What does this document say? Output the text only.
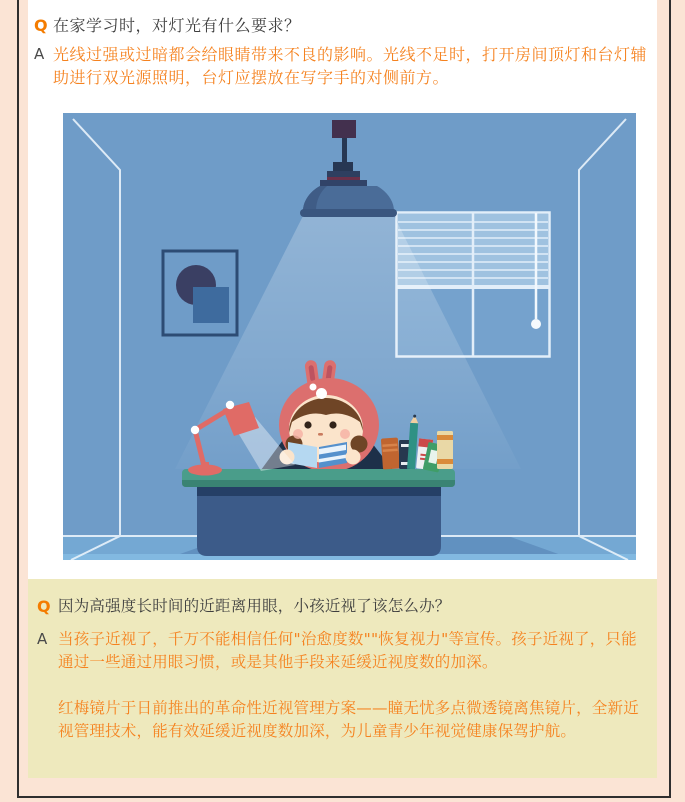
Q 在家学习时，对灯光有什么要求？

A 光线过强或过暗都会给眼睛带来不良的影响。光线不足时，打开房间顶灯和台灯辅助进行双光源照明，台灯应摆放在写字手的对侧前方。

Q 因为高强度长时间的近距离用眼，小孩近视了该怎么办？

A 当孩子近视了，千万不能相信任何"治愈度数""恢复视力"等宣传。孩子近视了，只能通过一些通过用眼习惯，或是其他手段来延缓近视度数的加深。

红梅镜片于日前推出的革命性近视管理方案——瞳无忧多点微透镜离焦镜片，全新近视管理技术，能有效延缓近视度数加深，为儿童青少年视觉健康保驾护航。
